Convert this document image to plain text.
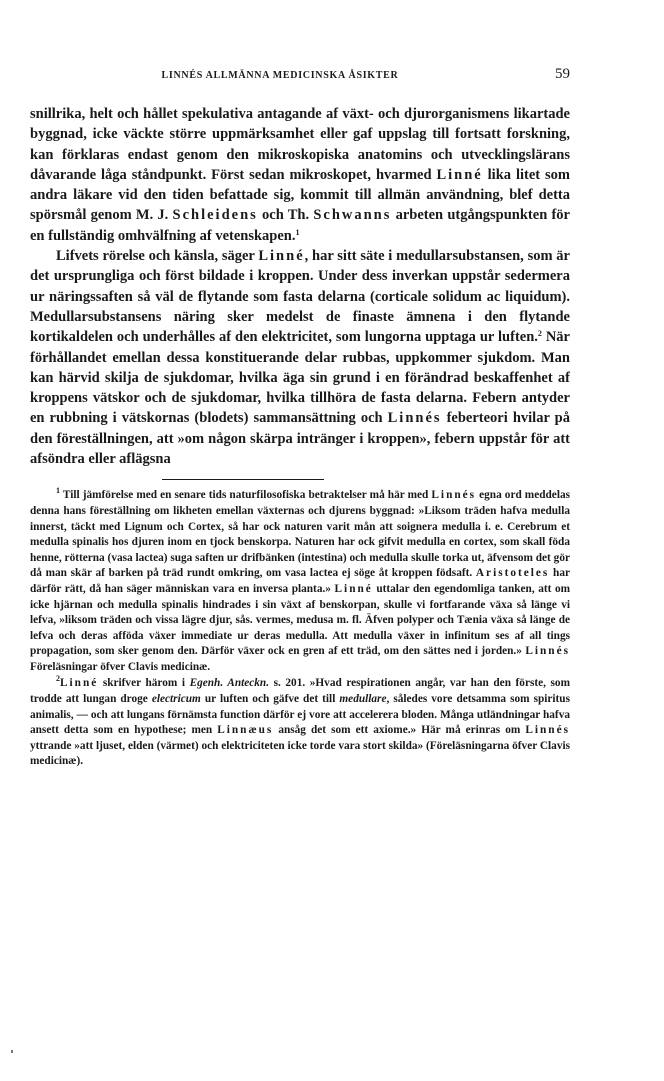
LINNÉS ALLMÄNNA MEDICINSKA ÅSIKTER	59

snillrika, helt och hållet spekulativa antagande af växt- och djurorganismens likartade byggnad, icke väckte större uppmärksamhet eller gaf uppslag till fortsatt forskning, kan förklaras endast genom den mikroskopiska anatomins och utvecklingslärans dåvarande låga ståndpunkt. Först sedan mikroskopet, hvarmed Linné lika litet som andra läkare vid den tiden befattade sig, kommit till allmän användning, blef detta spörsmål genom M. J. Schleidens och Th. Schwanns arbeten utgångspunkten för en fullständig omhvälfning af vetenskapen.$^1$

Lifvets rörelse och känsla, säger Linné, har sitt säte i medullarsubstansen, som är det ursprungliga och först bildade i kroppen. Under dess inverkan uppstår sedermera ur näringssaften så väl de flytande som fasta delarna (corticale solidum ac liquidum). Medullarsubstansens näring sker medelst de finaste ämnena i den flytande kortikaldelen och underhålles af den elektricitet, som lungorna upptaga ur luften.$^2$ När förhållandet emellan dessa konstituerande delar rubbas, uppkommer sjukdom. Man kan härvid skilja de sjukdomar, hvilka äga sin grund i en förändrad beskaffenhet af kroppens vätskor och de sjukdomar, hvilka tillhöra de fasta delarna. Febern antyder en rubbning i vätskornas (blodets) sammansättning och Linnés feberteori hvilar på den föreställningen, att »om någon skärpa intränger i kroppen», febern uppstår för att afsöndra eller aflägsna

$^1$ Till jämförelse med en senare tids naturfilosofiska betraktelser må här med Linnés egna ord meddelas denna hans föreställning om likheten emellan växternas och djurens byggnad: »Liksom träden hafva medulla innerst, täckt med Lignum och Cortex, så har ock naturen varit mån att soignera medulla i. e. Cerebrum et medulla spinalis hos djuren inom en tjock benskorpa. Naturen har ock gifvit medulla en cortex, som skall föda henne, rötterna (vasa lactea) suga saften ur drifbänken (intestina) och medulla skulle torka ut, äfvensom det gör då man skär af barken på träd rundt omkring, om vasa lactea ej söge åt kroppen födsaft. Aristoteles har därför rätt, då han säger människan vara en inversa planta.» Linné uttalar den egendomliga tanken, att om icke hjärnan och medulla spinalis hindrades i sin växt af benskorpan, skulle vi fortfarande växa så länge vi lefva, »liksom träden och vissa lägre djur, sås. vermes, medusa m. fl. Äfven polyper och Tænia växa så länge de lefva och deras afföda växer immediate ur deras medulla. Att medulla växer in infinitum ses af all tings propagation, som sker genom den. Därför växer ock en gren af ett träd, om den sättes ned i jorden.» Linnés Föreläsningar öfver Clavis medicinæ.

$^2$Linné skrifver härom i Egenh. Anteckn. s. 201. »Hvad respirationen angår, var han den förste, som trodde att lungan droge electricum ur luften och gäfve det till medullare, således vore detsamma som spiritus animalis, — och att lungans förnämsta function därför ej vore att accelerera bloden. Många utländningar hafva ansett detta som en hypothese; men Linnæus ansåg det som ett axiome.» Här må erinras om Linnés yttrande »att ljuset, elden (värmet) och elektriciteten icke torde vara stort skilda» (Föreläsningarna öfver Clavis medicinæ).
